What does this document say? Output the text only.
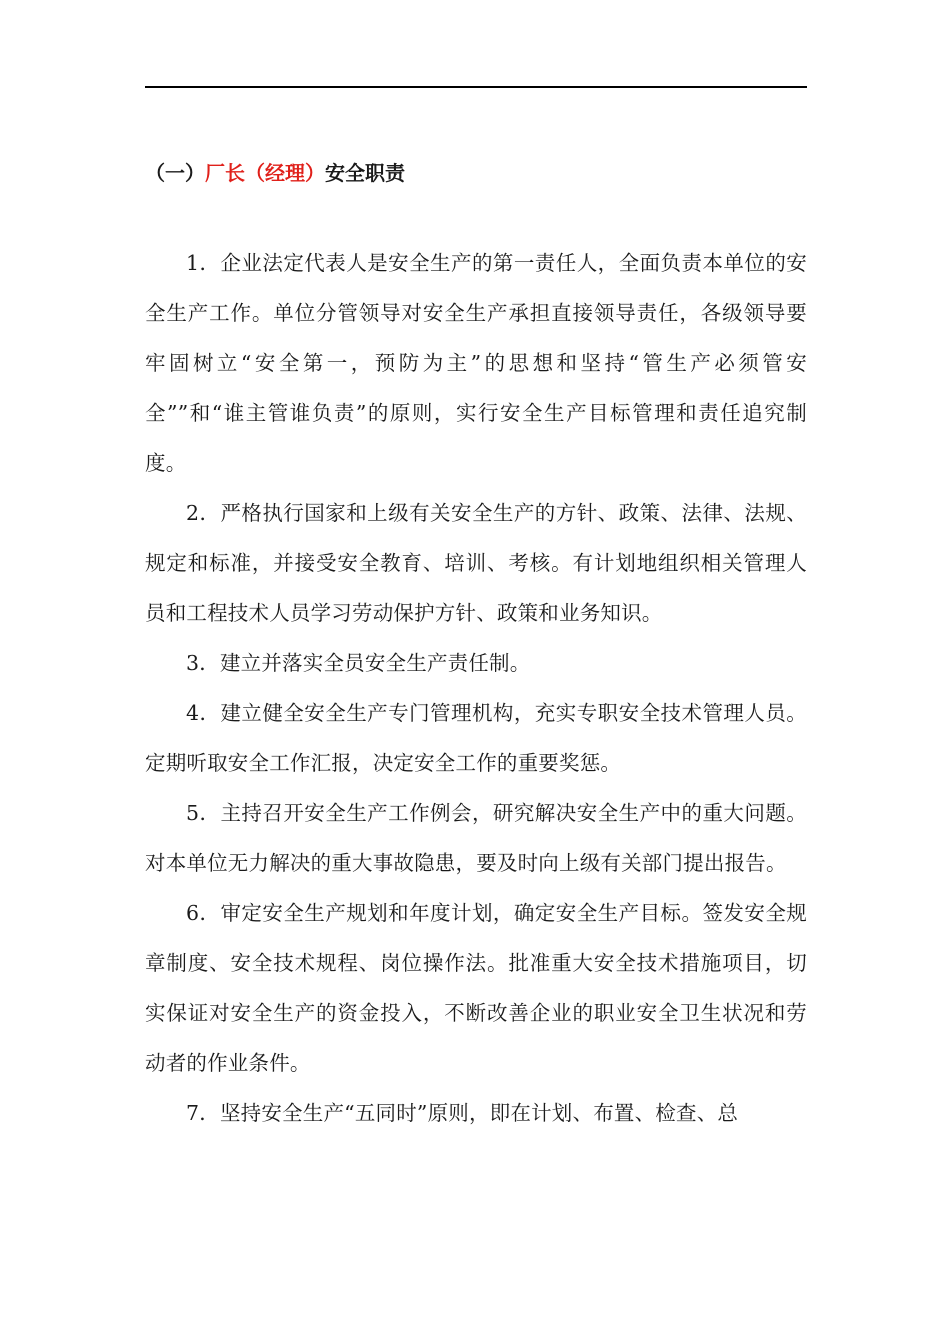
（一）厂长（经理）安全职责

1．企业法定代表人是安全生产的第一责任人，全面负责本单位的安全生产工作。单位分管领导对安全生产承担直接领导责任，各级领导要牢固树立“安全第一，预防为主”的思想和坚持“管生产必须管安全””和“谁主管谁负责”的原则，实行安全生产目标管理和责任追究制度。

2．严格执行国家和上级有关安全生产的方针、政策、法律、法规、规定和标准，并接受安全教育、培训、考核。有计划地组织相关管理人员和工程技术人员学习劳动保护方针、政策和业务知识。

3．建立并落实全员安全生产责任制。

4．建立健全安全生产专门管理机构，充实专职安全技术管理人员。定期听取安全工作汇报，决定安全工作的重要奖惩。

5．主持召开安全生产工作例会，研究解决安全生产中的重大问题。对本单位无力解决的重大事故隐患，要及时向上级有关部门提出报告。

6．审定安全生产规划和年度计划，确定安全生产目标。签发安全规章制度、安全技术规程、岗位操作法。批准重大安全技术措施项目，切实保证对安全生产的资金投入，不断改善企业的职业安全卫生状况和劳动者的作业条件。

7．坚持安全生产“五同时”原则，即在计划、布置、检查、总
